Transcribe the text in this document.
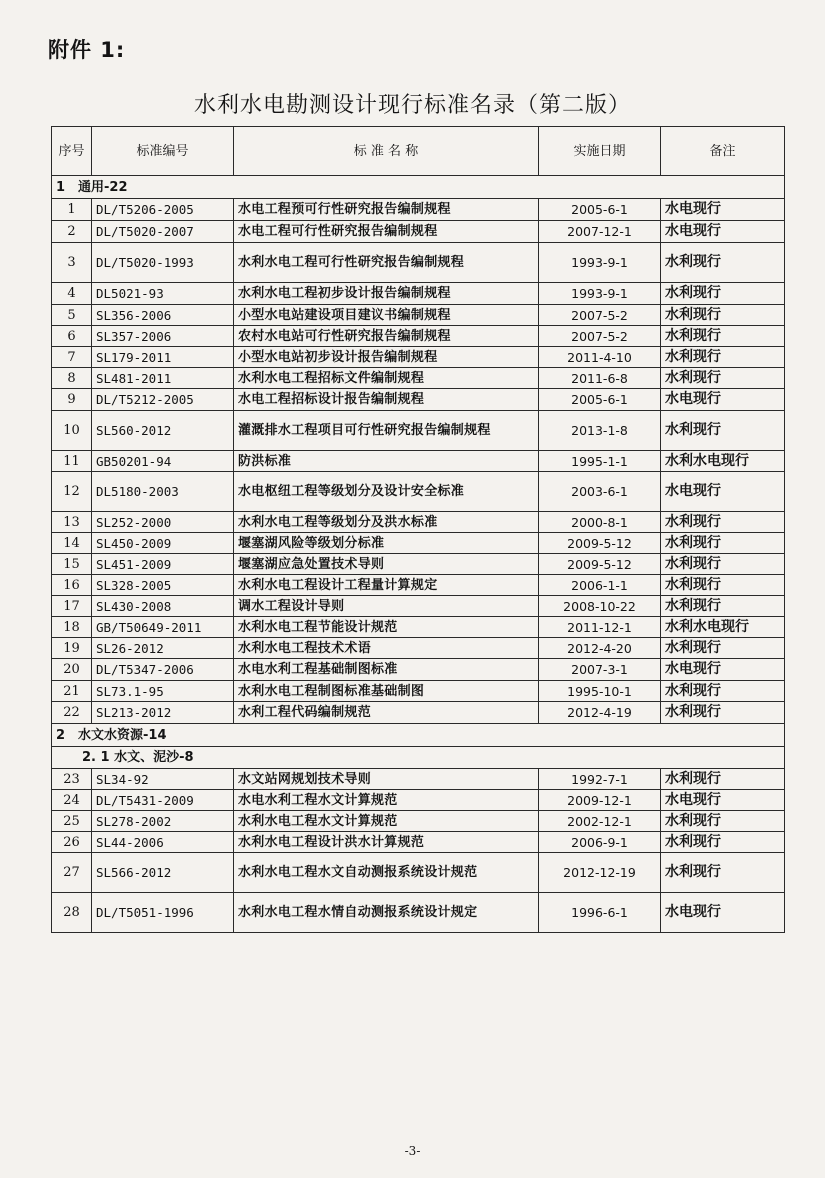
附件 1:
水利水电勘测设计现行标准名录（第二版）
序号	标准编号	标 准 名 称	实施日期	备注
1 通用-22				
1	DL/T5206-2005	水电工程预可行性研究报告编制规程	2005-6-1	水电现行
2	DL/T5020-2007	水电工程可行性研究报告编制规程	2007-12-1	水电现行
3	DL/T5020-1993	水利水电工程可行性研究报告编制规程	1993-9-1	水利现行
4	DL5021-93	水利水电工程初步设计报告编制规程	1993-9-1	水利现行
5	SL356-2006	小型水电站建设项目建议书编制规程	2007-5-2	水利现行
6	SL357-2006	农村水电站可行性研究报告编制规程	2007-5-2	水利现行
7	SL179-2011	小型水电站初步设计报告编制规程	2011-4-10	水利现行
8	SL481-2011	水利水电工程招标文件编制规程	2011-6-8	水利现行
9	DL/T5212-2005	水电工程招标设计报告编制规程	2005-6-1	水电现行
10	SL560-2012	灌溉排水工程项目可行性研究报告编制规程	2013-1-8	水利现行
11	GB50201-94	防洪标准	1995-1-1	水利水电现行
12	DL5180-2003	水电枢纽工程等级划分及设计安全标准	2003-6-1	水电现行
13	SL252-2000	水利水电工程等级划分及洪水标准	2000-8-1	水利现行
14	SL450-2009	堰塞湖风险等级划分标准	2009-5-12	水利现行
15	SL451-2009	堰塞湖应急处置技术导则	2009-5-12	水利现行
16	SL328-2005	水利水电工程设计工程量计算规定	2006-1-1	水利现行
17	SL430-2008	调水工程设计导则	2008-10-22	水利现行
18	GB/T50649-2011	水利水电工程节能设计规范	2011-12-1	水利水电现行
19	SL26-2012	水利水电工程技术术语	2012-4-20	水利现行
20	DL/T5347-2006	水电水利工程基础制图标准	2007-3-1	水电现行
21	SL73.1-95	水利水电工程制图标准基础制图	1995-10-1	水利现行
22	SL213-2012	水利工程代码编制规范	2012-4-19	水利现行
2 水文水资源-14				
2. 1 水文、泥沙-8				
23	SL34-92	水文站网规划技术导则	1992-7-1	水利现行
24	DL/T5431-2009	水电水利工程水文计算规范	2009-12-1	水电现行
25	SL278-2002	水利水电工程水文计算规范	2002-12-1	水利现行
26	SL44-2006	水利水电工程设计洪水计算规范	2006-9-1	水利现行
27	SL566-2012	水利水电工程水文自动测报系统设计规范	2012-12-19	水利现行
28	DL/T5051-1996	水利水电工程水情自动测报系统设计规定	1996-6-1	水电现行
-3-
